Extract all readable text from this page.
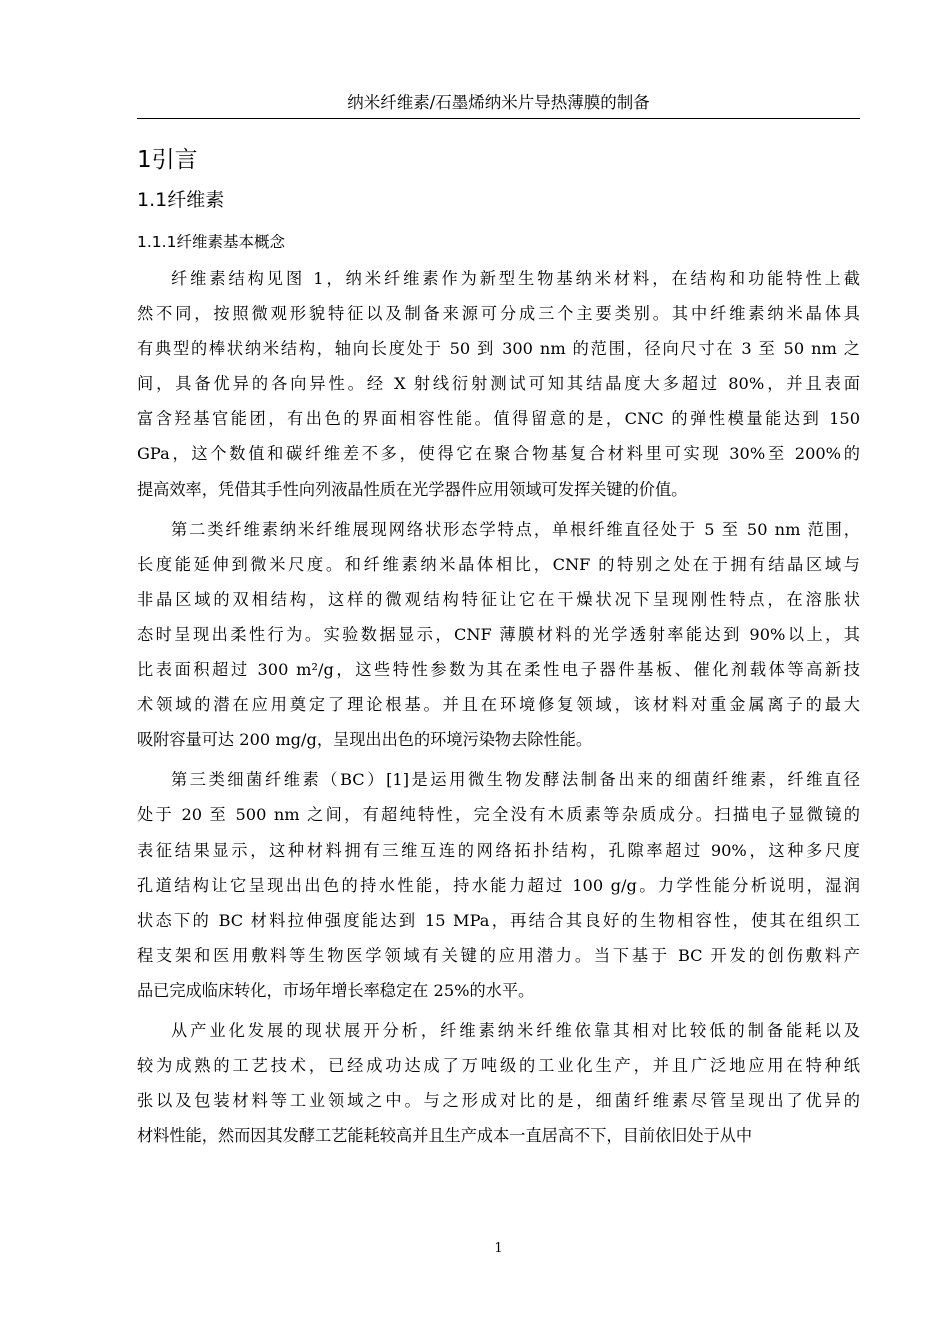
纳米纤维素/石墨烯纳米片导热薄膜的制备
1引言
1.1纤维素
1.1.1纤维素基本概念
纤维素结构见图 1，纳米纤维素作为新型生物基纳米材料，在结构和功能特性上截
然不同，按照微观形貌特征以及制备来源可分成三个主要类别。其中纤维素纳米晶体具
有典型的棒状纳米结构，轴向长度处于 50 到 300 nm 的范围，径向尺寸在 3 至 50 nm 之
间，具备优异的各向异性。经 X 射线衍射测试可知其结晶度大多超过 80%，并且表面
富含羟基官能团，有出色的界面相容性能。值得留意的是，CNC 的弹性模量能达到 150
GPa，这个数值和碳纤维差不多，使得它在聚合物基复合材料里可实现 30%至 200%的
提高效率，凭借其手性向列液晶性质在光学器件应用领域可发挥关键的价值。
第二类纤维素纳米纤维展现网络状形态学特点，单根纤维直径处于 5 至 50 nm 范围，
长度能延伸到微米尺度。和纤维素纳米晶体相比，CNF 的特别之处在于拥有结晶区域与
非晶区域的双相结构，这样的微观结构特征让它在干燥状况下呈现刚性特点，在溶胀状
态时呈现出柔性行为。实验数据显示，CNF 薄膜材料的光学透射率能达到 90%以上，其
比表面积超过 300 m²/g，这些特性参数为其在柔性电子器件基板、催化剂载体等高新技
术领域的潜在应用奠定了理论根基。并且在环境修复领域，该材料对重金属离子的最大
吸附容量可达 200 mg/g，呈现出出色的环境污染物去除性能。
第三类细菌纤维素（BC）[1]是运用微生物发酵法制备出来的细菌纤维素，纤维直径
处于 20 至 500 nm 之间，有超纯特性，完全没有木质素等杂质成分。扫描电子显微镜的
表征结果显示，这种材料拥有三维互连的网络拓扑结构，孔隙率超过 90%，这种多尺度
孔道结构让它呈现出出色的持水性能，持水能力超过 100 g/g。力学性能分析说明，湿润
状态下的 BC 材料拉伸强度能达到 15 MPa，再结合其良好的生物相容性，使其在组织工
程支架和医用敷料等生物医学领域有关键的应用潜力。当下基于 BC 开发的创伤敷料产
品已完成临床转化，市场年增长率稳定在 25%的水平。
从产业化发展的现状展开分析，纤维素纳米纤维依靠其相对比较低的制备能耗以及
较为成熟的工艺技术，已经成功达成了万吨级的工业化生产，并且广泛地应用在特种纸
张以及包装材料等工业领域之中。与之形成对比的是，细菌纤维素尽管呈现出了优异的
材料性能，然而因其发酵工艺能耗较高并且生产成本一直居高不下，目前依旧处于从中
1
